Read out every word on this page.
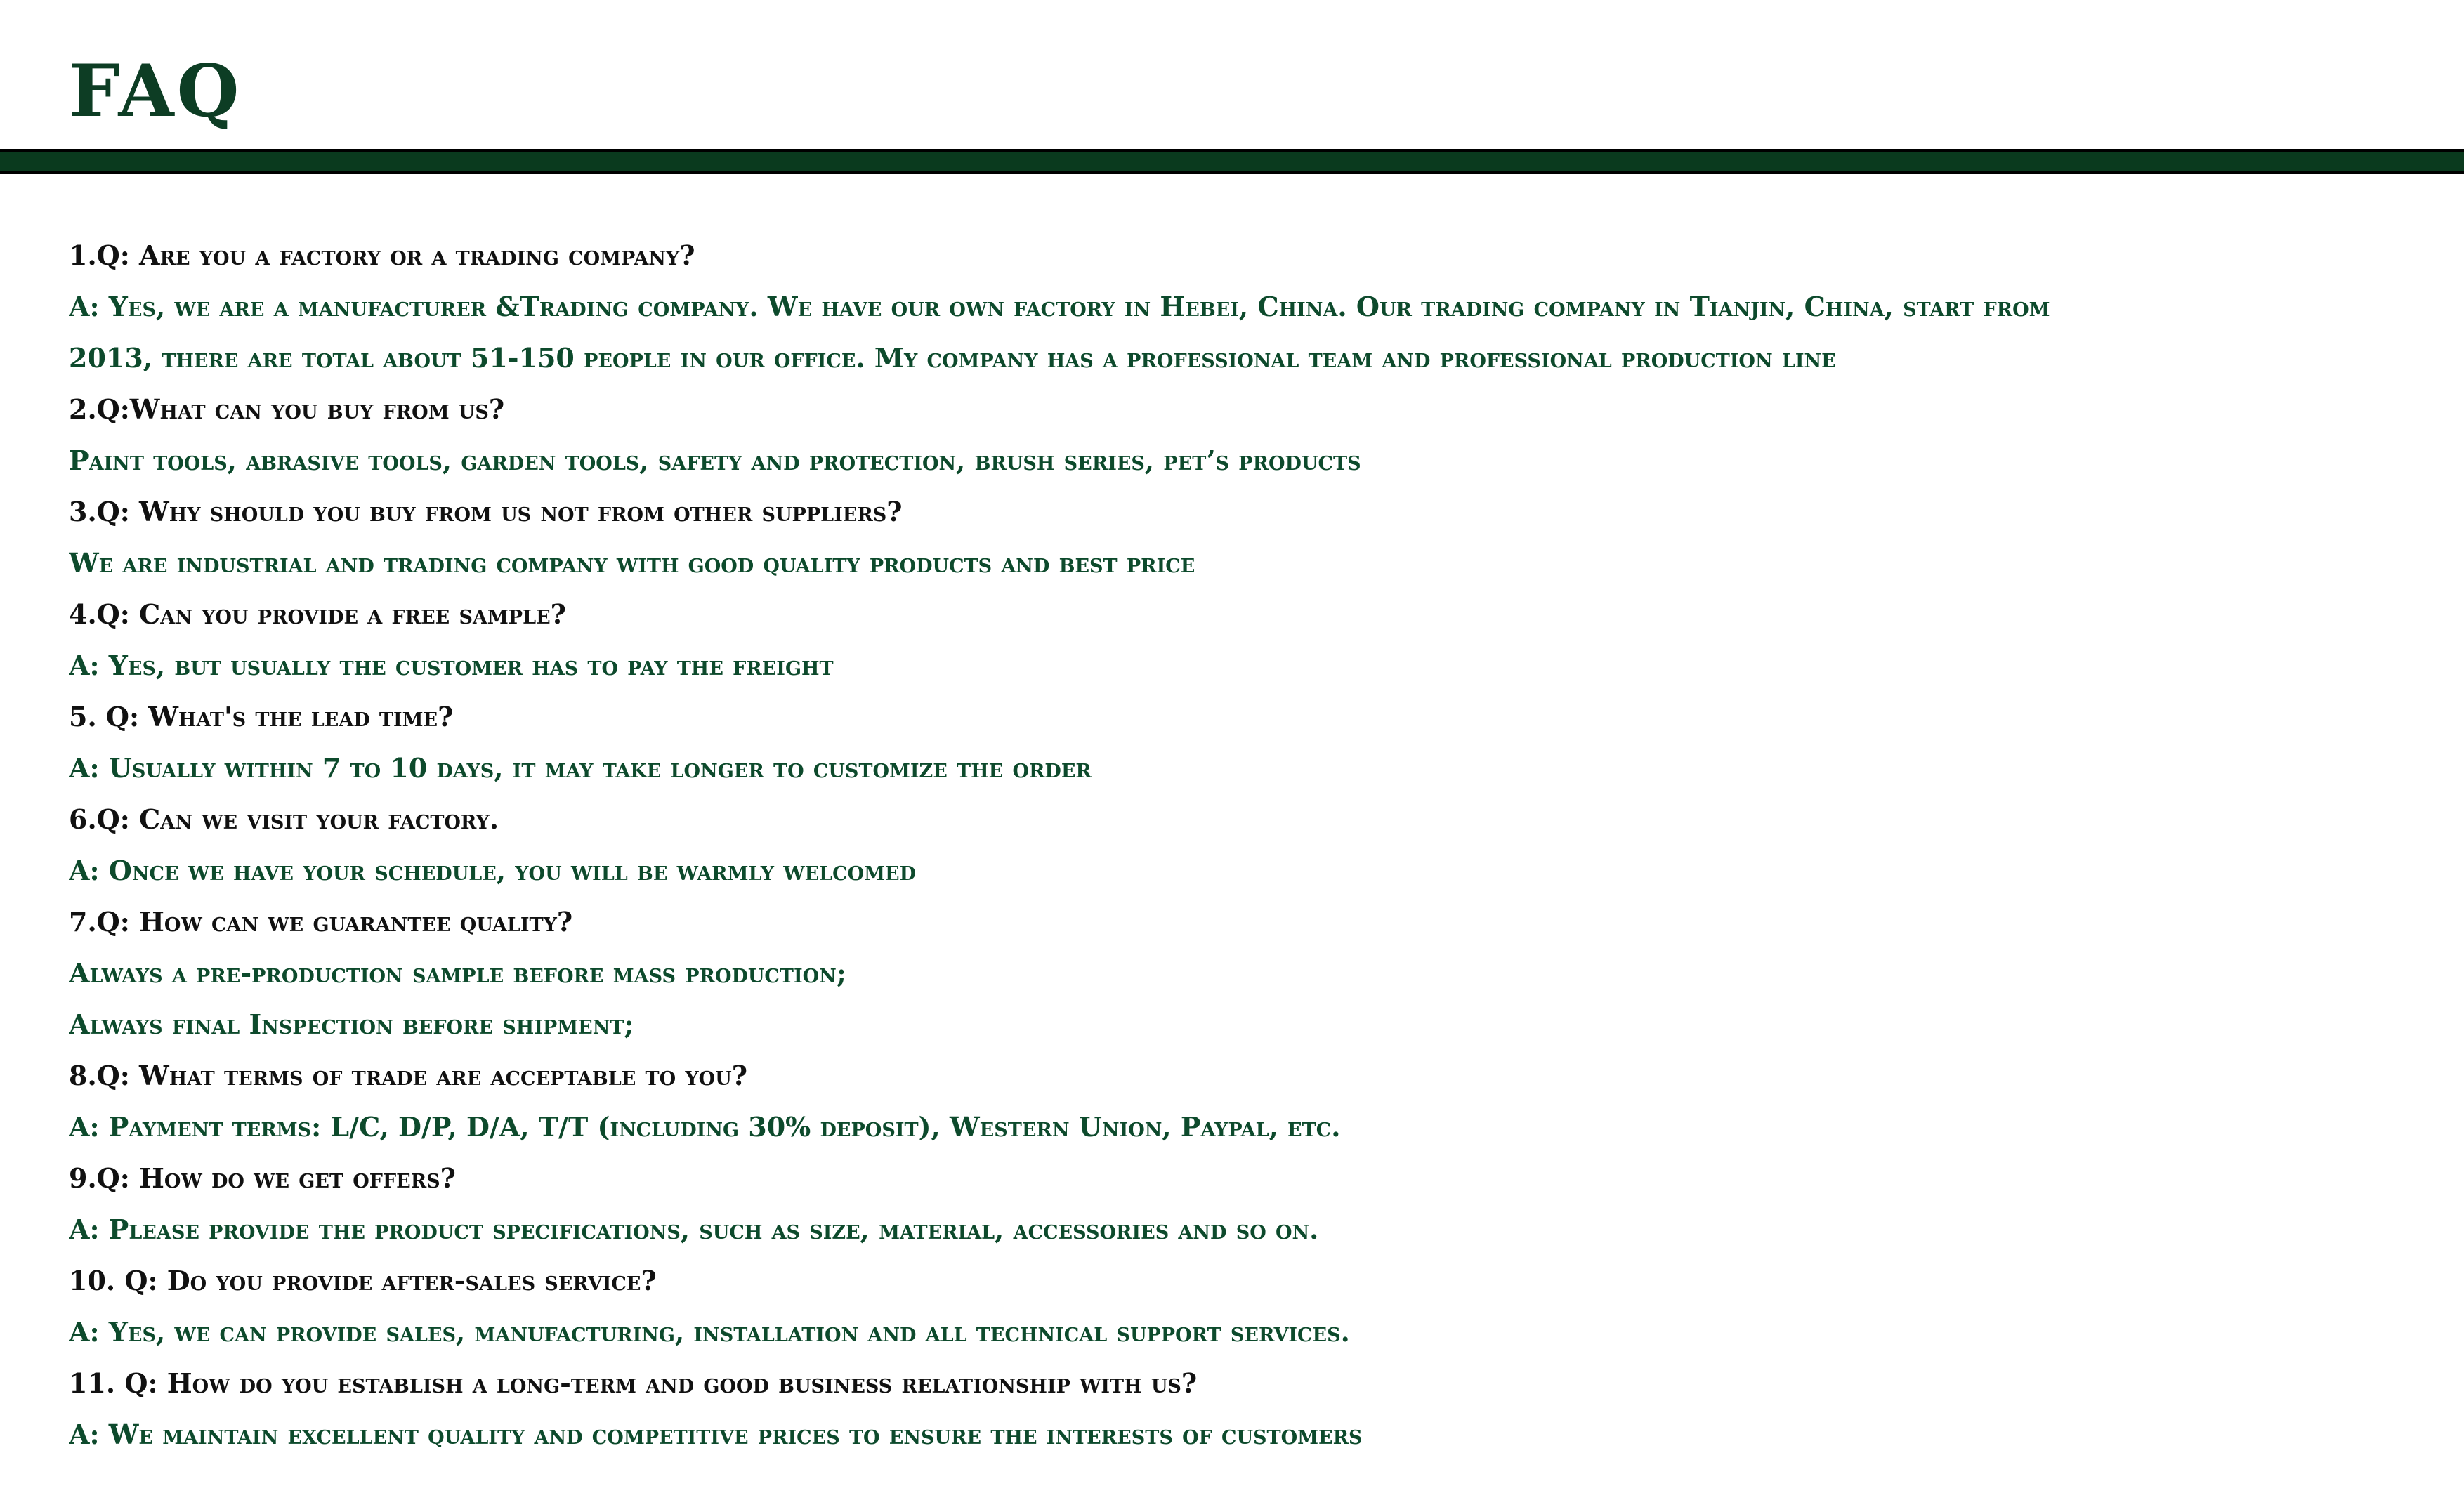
FAQ
1.Q: Are you a factory or a trading company?
A: Yes, we are a manufacturer &Trading company. We have our own factory in Hebei, China. Our trading company in Tianjin, China, start from
2013, there are total about 51-150 people in our office. My company has a professional team and professional production line
2.Q:What can you buy from us?
Paint tools, abrasive tools, garden tools, safety and protection, brush series, pet’s products
3.Q: Why should you buy from us not from other suppliers?
We are industrial and trading company with good quality products and best price
4.Q: Can you provide a free sample?
A: Yes, but usually the customer has to pay the freight
5. Q: What's the lead time?
A: Usually within 7 to 10 days, it may take longer to customize the order
6.Q: Can we visit your factory.
A: Once we have your schedule, you will be warmly welcomed
7.Q: How can we guarantee quality?
Always a pre-production sample before mass production;
Always final Inspection before shipment;
8.Q: What terms of trade are acceptable to you?
A: Payment terms: L/C, D/P, D/A, T/T (including 30% deposit), Western Union, Paypal, etc.
9.Q: How do we get offers?
A: Please provide the product specifications, such as size, material, accessories and so on.
10. Q: Do you provide after-sales service?
A: Yes, we can provide sales, manufacturing, installation and all technical support services.
11. Q: How do you establish a long-term and good business relationship with us?
A: We maintain excellent quality and competitive prices to ensure the interests of customers
